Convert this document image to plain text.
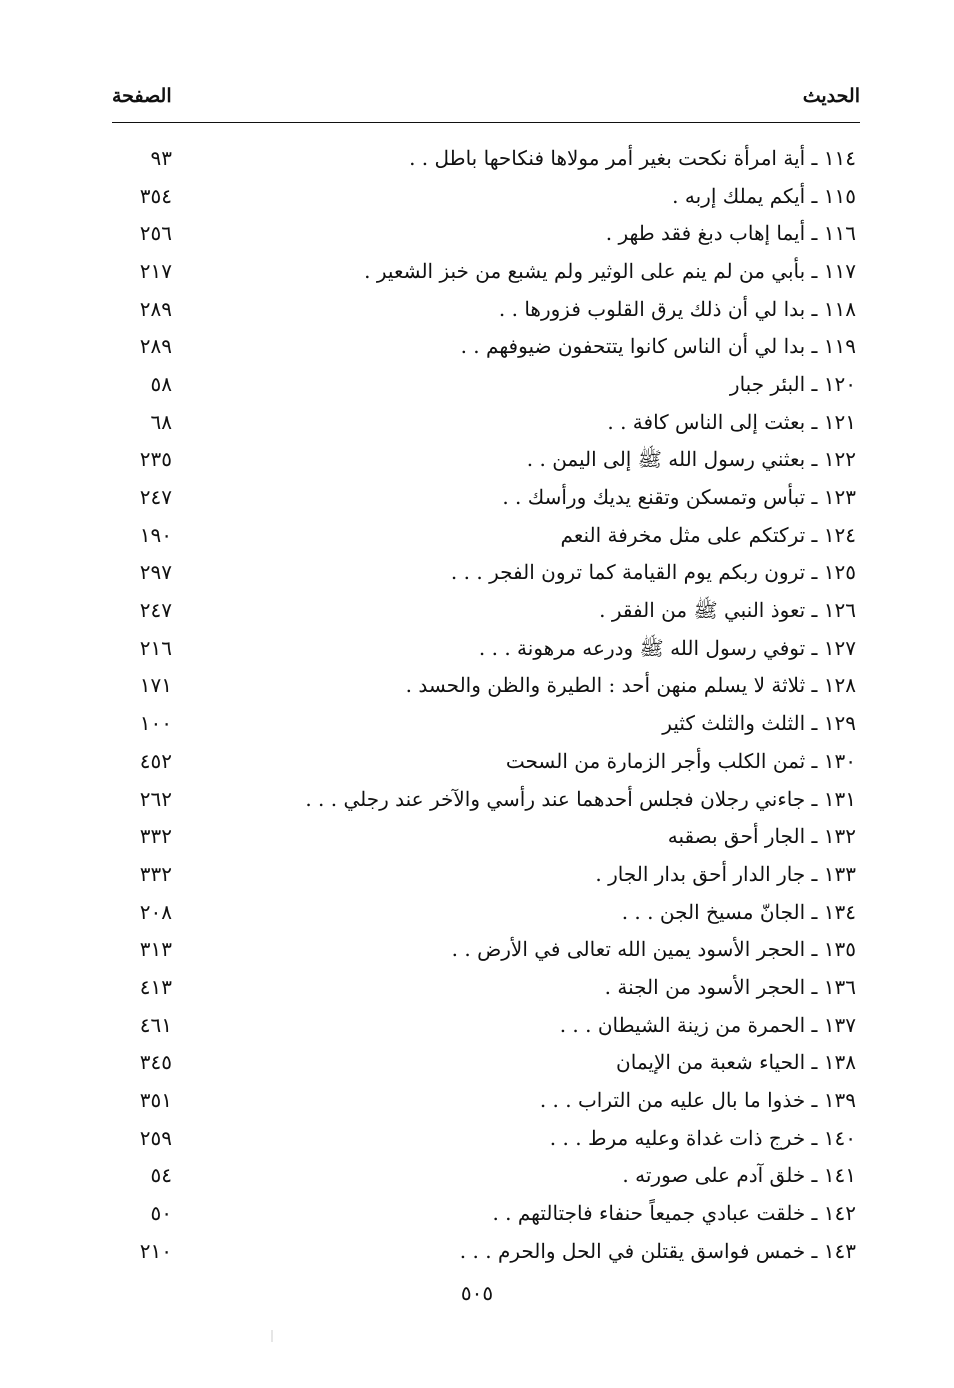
الحديث
الصفحة
١١٤ ـ أية امرأة نكحت بغير أمر مولاها فنكاحها باطل . .
٩٣
١١٥ ـ أيكم يملك إربه .
٣٥٤
١١٦ ـ أيما إهاب دبغ فقد طهر .
٢٥٦
١١٧ ـ بأبي من لم ينم على الوثير ولم يشبع من خبز الشعير .
٢١٧
١١٨ ـ بدا لي أن ذلك يرق القلوب فزورها . .
٢٨٩
١١٩ ـ بدا لي أن الناس كانوا يتتحفون ضيوفهم . .
٢٨٩
١٢٠ ـ البئر جبار
٥٨
١٢١ ـ بعثت إلى الناس كافة . .
٦٨
١٢٢ ـ بعثني رسول الله ﷺ إلى اليمن . .
٢٣٥
١٢٣ ـ تبأس وتمسكن وتقنع يديك ورأسك . .
٢٤٧
١٢٤ ـ تركتكم على مثل مخرفة النعم
١٩٠
١٢٥ ـ ترون ربكم يوم القيامة كما ترون الفجر . . .
٢٩٧
١٢٦ ـ تعوذ النبي ﷺ من الفقر .
٢٤٧
١٢٧ ـ توفي رسول الله ﷺ ودرعه مرهونة . . .
٢١٦
١٢٨ ـ ثلاثة لا يسلم منهن أحد : الطيرة والظن والحسد .
١٧١
١٢٩ ـ الثلث والثلث كثير
١٠٠
١٣٠ ـ ثمن الكلب وأجر الزمارة من السحت
٤٥٢
١٣١ ـ جاءني رجلان فجلس أحدهما عند رأسي والآخر عند رجلي . . .
٢٦٢
١٣٢ ـ الجار أحق بصقبه
٣٣٢
١٣٣ ـ جار الدار أحق بدار الجار .
٣٣٢
١٣٤ ـ الجانّ مسيخ الجن . . .
٢٠٨
١٣٥ ـ الحجر الأسود يمين الله تعالى في الأرض . .
٣١٣
١٣٦ ـ الحجر الأسود من الجنة .
٤١٣
١٣٧ ـ الحمرة من زينة الشيطان . . .
٤٦١
١٣٨ ـ الحياء شعبة من الإيمان
٣٤٥
١٣٩ ـ خذوا ما بال عليه من التراب . . .
٣٥١
١٤٠ ـ خرج ذات غداة وعليه مرط . . .
٢٥٩
١٤١ ـ خلق آدم على صورته .
٥٤
١٤٢ ـ خلقت عبادي جميعاً حنفاء فاجتالتهم . .
٥٠
١٤٣ ـ خمس فواسق يقتلن في الحل والحرم . . .
٢١٠
٥٠٥
